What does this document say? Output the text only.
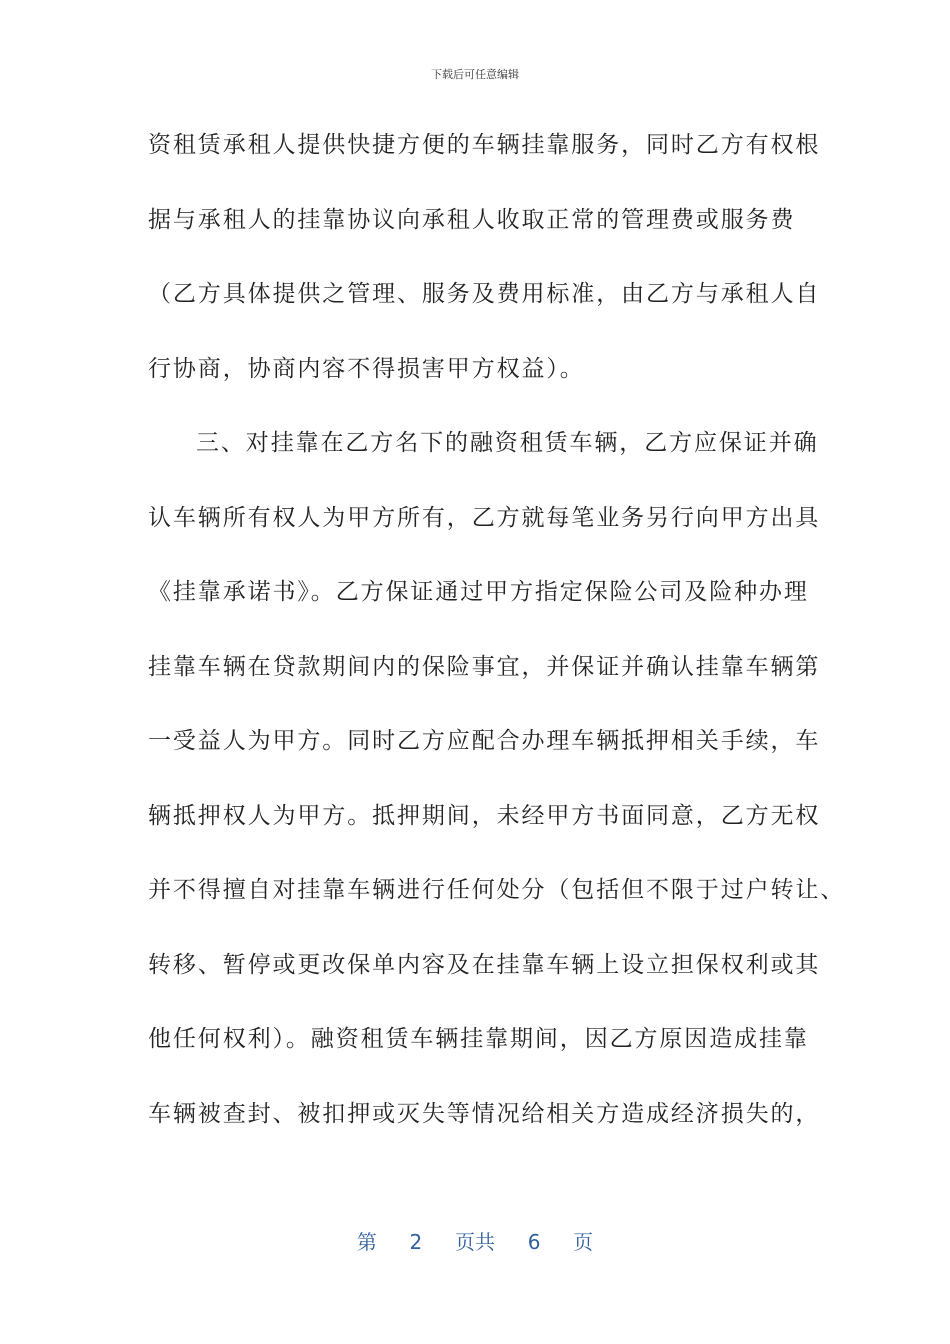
下载后可任意编辑
资租赁承租人提供快捷方便的车辆挂靠服务，同时乙方有权根
据与承租人的挂靠协议向承租人收取正常的管理费或服务费
（乙方具体提供之管理、服务及费用标准，由乙方与承租人自
行协商，协商内容不得损害甲方权益）。
三、对挂靠在乙方名下的融资租赁车辆，乙方应保证并确
认车辆所有权人为甲方所有，乙方就每笔业务另行向甲方出具
《挂靠承诺书》。乙方保证通过甲方指定保险公司及险种办理
挂靠车辆在贷款期间内的保险事宜，并保证并确认挂靠车辆第
一受益人为甲方。同时乙方应配合办理车辆抵押相关手续，车
辆抵押权人为甲方。抵押期间，未经甲方书面同意，乙方无权
并不得擅自对挂靠车辆进行任何处分（包括但不限于过户转让、
转移、暂停或更改保单内容及在挂靠车辆上设立担保权利或其
他任何权利）。融资租赁车辆挂靠期间，因乙方原因造成挂靠
车辆被查封、被扣押或灭失等情况给相关方造成经济损失的，
第 2 页共 6 页
